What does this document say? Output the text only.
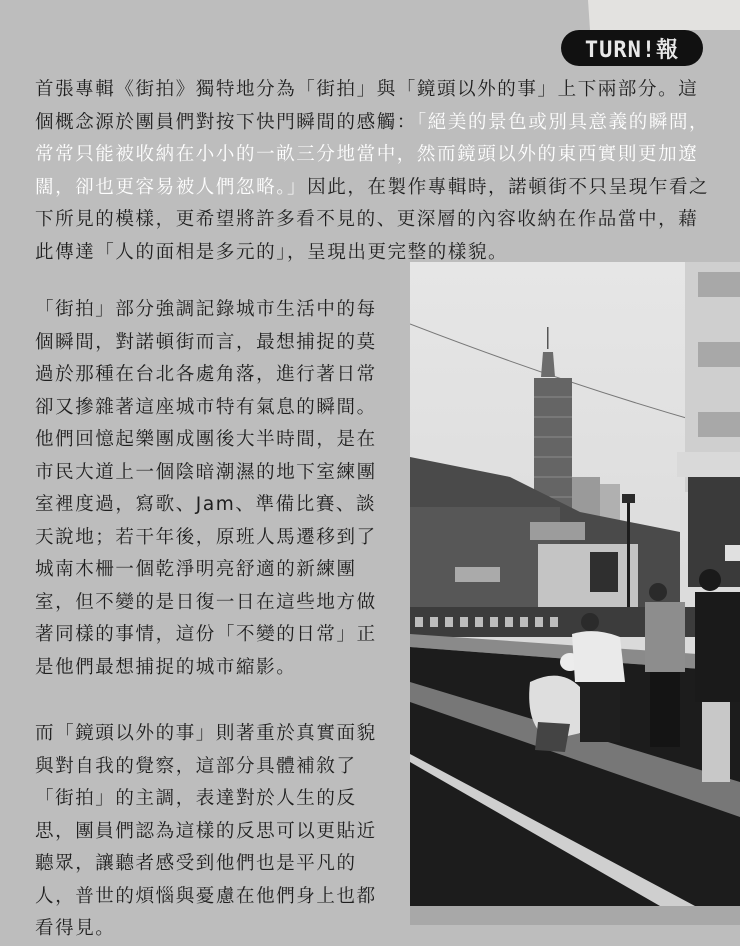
TURN!報

首張專輯《街拍》獨特地分為「街拍」與「鏡頭以外的事」上下兩部分。這個概念源於團員們對按下快門瞬間的感觸：「絕美的景色或別具意義的瞬間，常常只能被收納在小小的一畝三分地當中，然而鏡頭以外的東西實則更加遼闊，卻也更容易被人們忽略。」因此，在製作專輯時，諾頓街不只呈現乍看之下所見的模樣，更希望將許多看不見的、更深層的內容收納在作品當中，藉此傳達「人的面相是多元的」，呈現出更完整的樣貌。

「街拍」部分強調記錄城市生活中的每個瞬間，對諾頓街而言，最想捕捉的莫過於那種在台北各處角落，進行著日常卻又摻雜著這座城市特有氣息的瞬間。他們回憶起樂團成團後大半時間，是在市民大道上一個陰暗潮濕的地下室練團室裡度過，寫歌、Jam、準備比賽、談天說地；若干年後，原班人馬遷移到了城南木柵一個乾淨明亮舒適的新練團室，但不變的是日復一日在這些地方做著同樣的事情，這份「不變的日常」正是他們最想捕捉的城市縮影。

而「鏡頭以外的事」則著重於真實面貌與對自我的覺察，這部分具體補敘了「街拍」的主調，表達對於人生的反思，團員們認為這樣的反思可以更貼近聽眾，讓聽者感受到他們也是平凡的人，普世的煩惱與憂慮在他們身上也都看得見。
